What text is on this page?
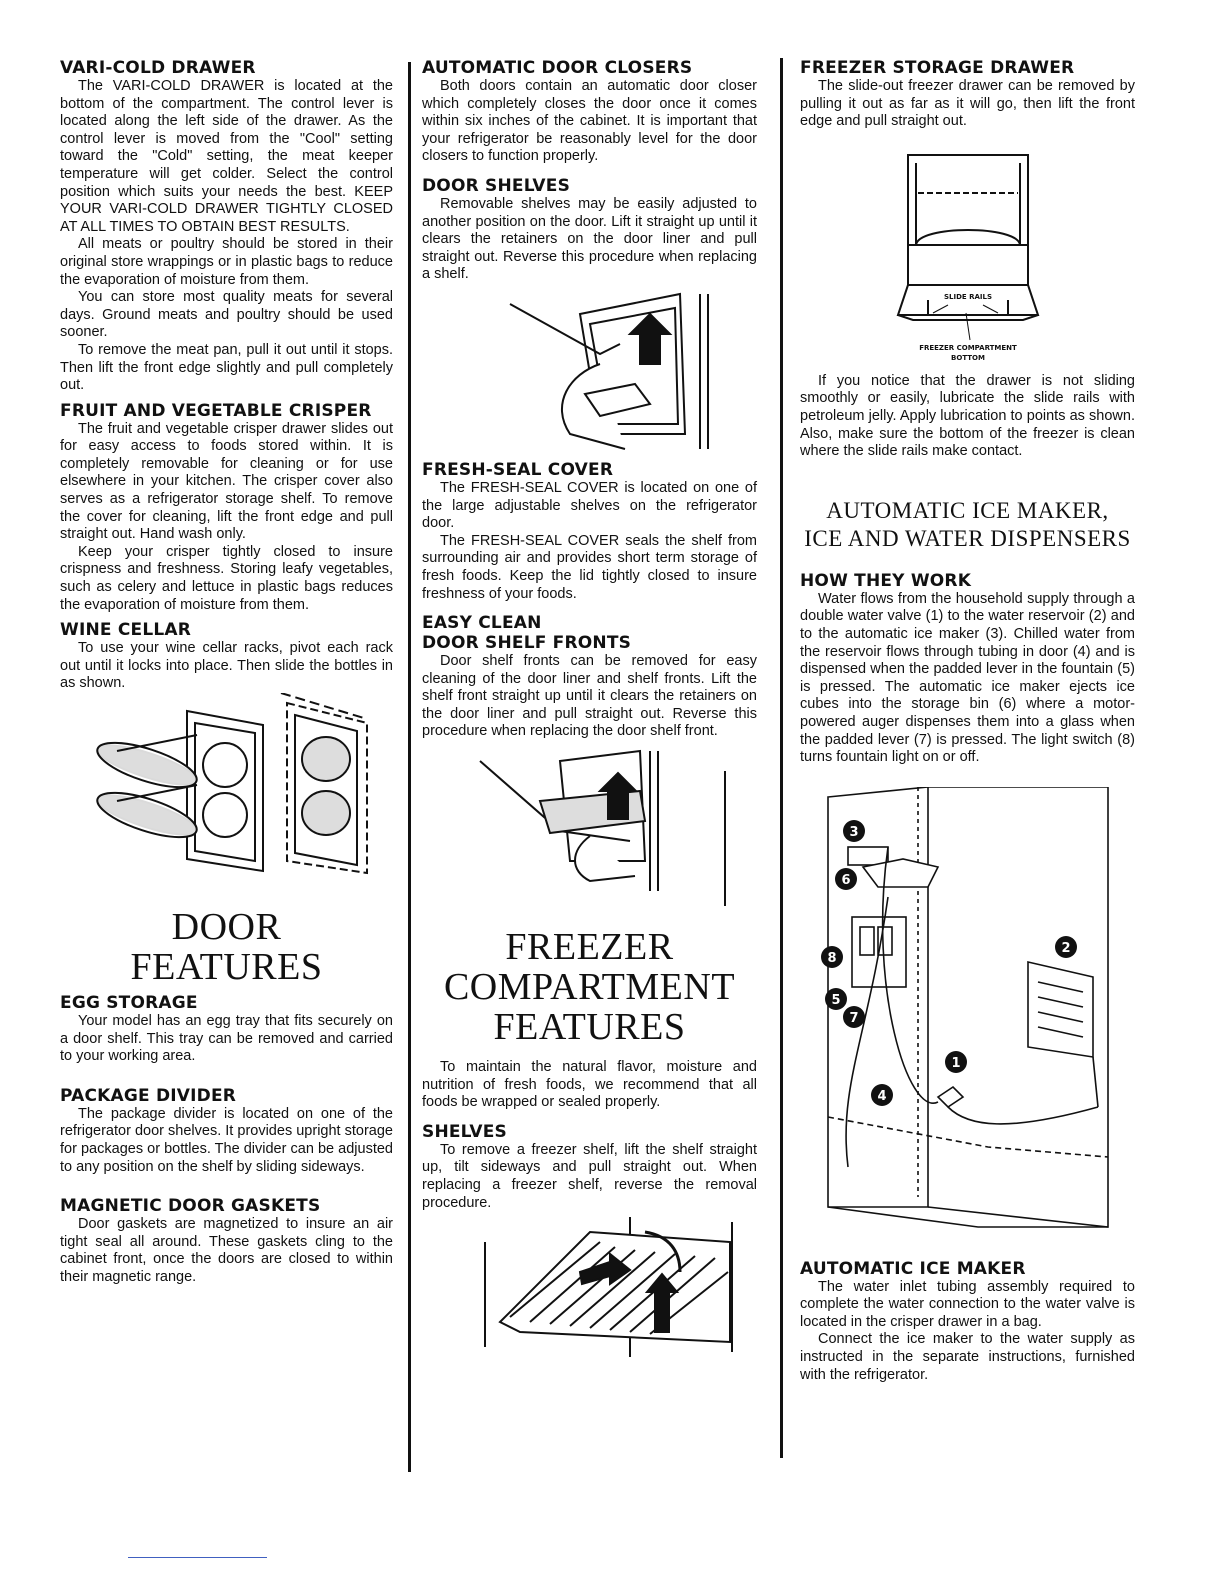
VARI-COLD DRAWER

The VARI-COLD DRAWER is located at the bottom of the compartment. The control lever is located along the left side of the drawer. As the control lever is moved from the "Cool" setting toward the "Cold" setting, the meat keeper temperature will get colder. Select the control position which suits your needs the best. KEEP YOUR VARI-COLD DRAWER TIGHTLY CLOSED AT ALL TIMES TO OBTAIN BEST RESULTS.

All meats or poultry should be stored in their original store wrappings or in plastic bags to reduce the evaporation of moisture from them.

You can store most quality meats for several days. Ground meats and poultry should be used sooner.

To remove the meat pan, pull it out until it stops. Then lift the front edge slightly and pull completely out.

FRUIT AND VEGETABLE CRISPER

The fruit and vegetable crisper drawer slides out for easy access to foods stored within. It is completely removable for cleaning or for use elsewhere in your kitchen. The crisper cover also serves as a refrigerator storage shelf. To remove the cover for cleaning, lift the front edge and pull straight out. Hand wash only.

Keep your crisper tightly closed to insure crispness and freshness. Storing leafy vegetables, such as celery and lettuce in plastic bags reduces the evaporation of moisture from them.

WINE CELLAR

To use your wine cellar racks, pivot each rack out until it locks into place. Then slide the bottles in as shown.

DOOR
FEATURES
EGG STORAGE

Your model has an egg tray that fits securely on a door shelf. This tray can be removed and carried to your working area.

PACKAGE DIVIDER

The package divider is located on one of the refrigerator door shelves. It provides upright storage for packages or bottles. The divider can be adjusted to any position on the shelf by sliding sideways.

MAGNETIC DOOR GASKETS

Door gaskets are magnetized to insure an air tight seal all around. These gaskets cling to the cabinet front, once the doors are closed to within their magnetic range.

AUTOMATIC DOOR CLOSERS

Both doors contain an automatic door closer which completely closes the door once it comes within six inches of the cabinet. It is important that your refrigerator be reasonably level for the door closers to function properly.

DOOR SHELVES

Removable shelves may be easily adjusted to another position on the door. Lift it straight up until it clears the retainers on the door liner and pull straight out. Reverse this procedure when replacing a shelf.

FRESH-SEAL COVER

The FRESH-SEAL COVER is located on one of the large adjustable shelves on the refrigerator door.

The FRESH-SEAL COVER seals the shelf from surrounding air and provides short term storage of fresh foods. Keep the lid tightly closed to insure freshness of your foods.

EASY CLEAN
DOOR SHELF FRONTS

Door shelf fronts can be removed for easy cleaning of the door liner and shelf fronts. Lift the shelf front straight up until it clears the retainers on the door liner and pull straight out. Reverse this procedure when replacing the door shelf front.

FREEZER
COMPARTMENT
FEATURES

To maintain the natural flavor, moisture and nutrition of fresh foods, we recommend that all foods be wrapped or sealed properly.

SHELVES

To remove a freezer shelf, lift the shelf straight up, tilt sideways and pull straight out. When replacing a freezer shelf, reverse the removal procedure.

FREEZER STORAGE DRAWER

The slide-out freezer drawer can be removed by pulling it out as far as it will go, then lift the front edge and pull straight out.

SLIDE RAILS
FREEZER COMPARTMENT
BOTTOM

If you notice that the drawer is not sliding smoothly or easily, lubricate the slide rails with petroleum jelly. Apply lubrication to points as shown. Also, make sure the bottom of the freezer is clean where the slide rails make contact.

AUTOMATIC ICE MAKER,
ICE AND WATER DISPENSERS
HOW THEY WORK

Water flows from the household supply through a double water valve (1) to the water reservoir (2) and to the automatic ice maker (3). Chilled water from the reservoir flows through tubing in door (4) and is dispensed when the padded lever in the fountain (5) is pressed. The automatic ice maker ejects ice cubes into the storage bin (6) where a motor-powered auger dispenses them into a glass when the padded lever (7) is pressed. The light switch (8) turns fountain light on or off.

1
2
3
4
5
6
7
8
AUTOMATIC ICE MAKER

The water inlet tubing assembly required to complete the water connection to the water valve is located in the crisper drawer in a bag.

Connect the ice maker to the water supply as instructed in the separate instructions, furnished with the refrigerator.
